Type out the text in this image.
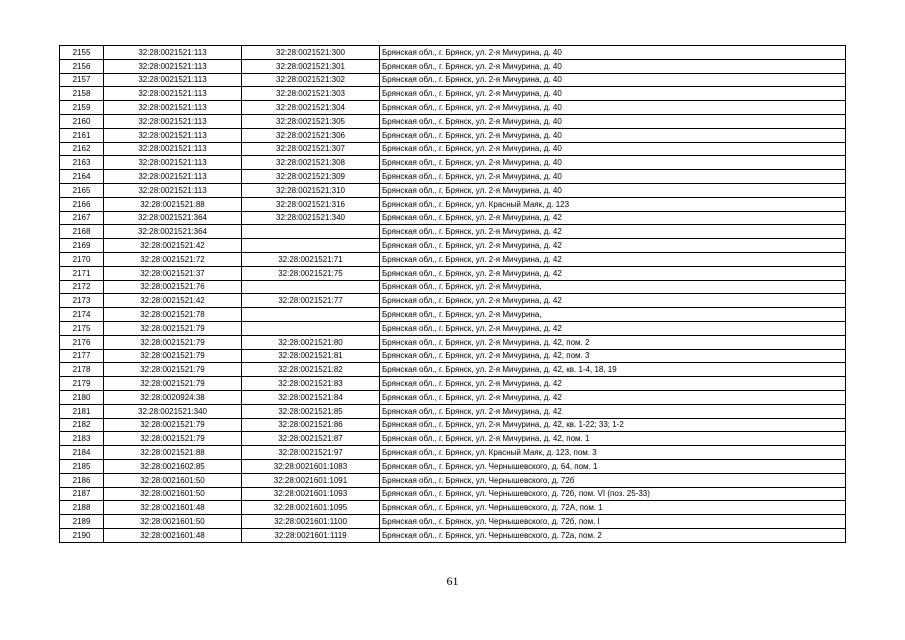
2155	32:28:0021521:113	32:28:0021521:300	Брянская обл., г. Брянск, ул. 2-я Мичурина, д. 40
2156	32:28:0021521:113	32:28:0021521:301	Брянская обл., г. Брянск, ул. 2-я Мичурина, д. 40
2157	32:28:0021521:113	32:28:0021521:302	Брянская обл., г. Брянск, ул. 2-я Мичурина, д. 40
2158	32:28:0021521:113	32:28:0021521:303	Брянская обл., г. Брянск, ул. 2-я Мичурина, д. 40
2159	32:28:0021521:113	32:28:0021521:304	Брянская обл., г. Брянск, ул. 2-я Мичурина, д. 40
2160	32:28:0021521:113	32:28:0021521:305	Брянская обл., г. Брянск, ул. 2-я Мичурина, д. 40
2161	32:28:0021521:113	32:28:0021521:306	Брянская обл., г. Брянск, ул. 2-я Мичурина, д. 40
2162	32:28:0021521:113	32:28:0021521:307	Брянская обл., г. Брянск, ул. 2-я Мичурина, д. 40
2163	32:28:0021521:113	32:28:0021521:308	Брянская обл., г. Брянск, ул. 2-я Мичурина, д. 40
2164	32:28:0021521:113	32:28:0021521:309	Брянская обл., г. Брянск, ул. 2-я Мичурина, д. 40
2165	32:28:0021521:113	32:28:0021521:310	Брянская обл., г. Брянск, ул. 2-я Мичурина, д. 40
2166	32:28:0021521:88	32:28:0021521:316	Брянская обл., г. Брянск, ул. Красный Маяк, д. 123
2167	32:28:0021521:364	32:28:0021521:340	Брянская обл., г. Брянск, ул. 2-я Мичурина, д. 42
2168	32:28:0021521:364		Брянская обл., г. Брянск, ул. 2-я Мичурина, д. 42
2169	32:28:0021521:42		Брянская обл., г. Брянск, ул. 2-я Мичурина, д. 42
2170	32:28:0021521:72	32:28:0021521:71	Брянская обл., г. Брянск, ул. 2-я Мичурина, д. 42
2171	32:28:0021521:37	32:28:0021521:75	Брянская обл., г. Брянск, ул. 2-я Мичурина, д. 42
2172	32:28:0021521:76		Брянская обл., г. Брянск, ул. 2-я Мичурина,
2173	32:28:0021521:42	32:28:0021521:77	Брянская обл., г. Брянск, ул. 2-я Мичурина, д. 42
2174	32:28:0021521:78		Брянская обл., г. Брянск, ул. 2-я Мичурина,
2175	32:28:0021521:79		Брянская обл., г. Брянск, ул. 2-я Мичурина, д. 42
2176	32:28:0021521:79	32:28:0021521:80	Брянская обл., г. Брянск, ул. 2-я Мичурина, д. 42, пом. 2
2177	32:28:0021521:79	32:28:0021521:81	Брянская обл., г. Брянск, ул. 2-я Мичурина, д. 42, пом. 3
2178	32:28:0021521:79	32:28:0021521:82	Брянская обл., г. Брянск, ул. 2-я Мичурина, д. 42, кв. 1-4, 18, 19
2179	32:28:0021521:79	32:28:0021521:83	Брянская обл., г. Брянск, ул. 2-я Мичурина, д. 42
2180	32:28:0020924:38	32:28:0021521:84	Брянская обл., г. Брянск, ул. 2-я Мичурина, д. 42
2181	32:28:0021521:340	32:28:0021521:85	Брянская обл., г. Брянск, ул. 2-я Мичурина, д. 42
2182	32:28:0021521:79	32:28:0021521:86	Брянская обл., г. Брянск, ул. 2-я Мичурина, д. 42, кв. 1-22; 33; 1-2
2183	32:28:0021521:79	32:28:0021521:87	Брянская обл., г. Брянск, ул. 2-я Мичурина, д. 42, пом. 1
2184	32:28:0021521:88	32:28:0021521:97	Брянская обл., г. Брянск, ул. Красный Маяк, д. 123, пом. 3
2185	32:28:0021602:85	32:28:0021601:1083	Брянская обл., г. Брянск, ул. Чернышевского, д. 64, пом. 1
2186	32:28:0021601:50	32:28:0021601:1091	Брянская обл., г. Брянск, ул. Чернышевского, д. 72б
2187	32:28:0021601:50	32:28:0021601:1093	Брянская обл., г. Брянск, ул. Чернышевского, д. 72б, пом. VI (поз. 25-33)
2188	32:28:0021601:48	32:28:0021601:1095	Брянская обл., г. Брянск, ул. Чернышевского, д. 72А, пом. 1
2189	32:28:0021601:50	32:28:0021601:1100	Брянская обл., г. Брянск, ул. Чернышевского, д. 72б, пом. I
2190	32:28:0021601:48	32:28:0021601:1119	Брянская обл., г. Брянск, ул. Чернышевского, д. 72а, пом. 2
61
